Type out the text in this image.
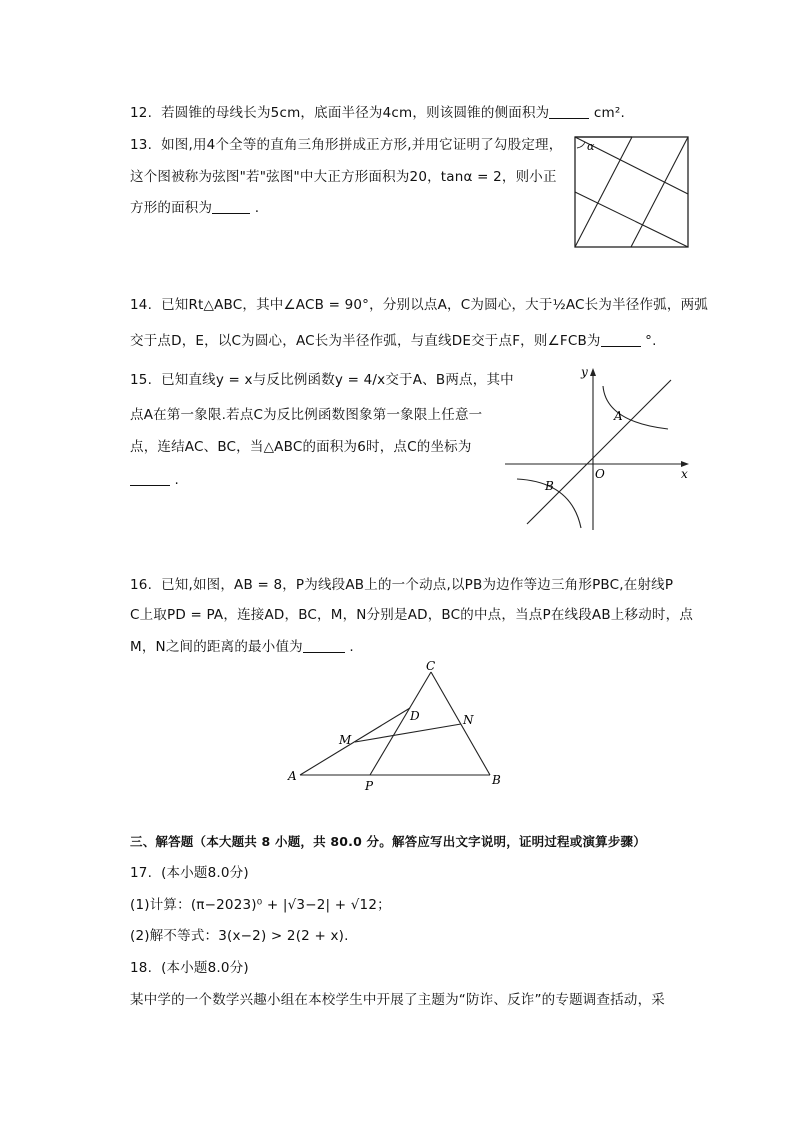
12. 若圆锥的母线长为5cm，底面半径为4cm，则该圆锥的侧面积为	cm².
13. 如图,用4个全等的直角三角形拼成正方形,并用它证明了勾股定理，
这个图被称为弦图"若"弦图"中大正方形面积为20，tanα = 2，则小正
方形的面积为	.
α
14. 已知Rt△ABC，其中∠ACB = 90°，分别以点A，C为圆心，大于½AC长为半径作弧，两弧
交于点D，E，以C为圆心，AC长为半径作弧，与直线DE交于点F，则∠FCB为	°.
15. 已知直线y = x与反比例函数y = 4/x交于A、B两点，其中
点A在第一象限.若点C为反比例函数图象第一象限上任意一
点，连结AC、BC，当△ABC的面积为6时，点C的坐标为
.
y
x
O
A
B
16. 已知,如图，AB = 8，P为线段AB上的一个动点,以PB为边作等边三角形PBC,在射线P
C上取PD = PA，连接AD，BC，M，N分别是AD，BC的中点，当点P在线段AB上移动时，点
M，N之间的距离的最小值为	.
C
D	N
M
A
P	B
三、解答题（本大题共 8 小题，共 80.0 分。解答应写出文字说明，证明过程或演算步骤）
17. (本小题8.0分)
(1)计算：(π−2023)⁰ + |√3−2| + √12；
(2)解不等式：3(x−2) > 2(2 + x).
18. (本小题8.0分)
某中学的一个数学兴趣小组在本校学生中开展了主题为“防诈、反诈”的专题调查括动，采
